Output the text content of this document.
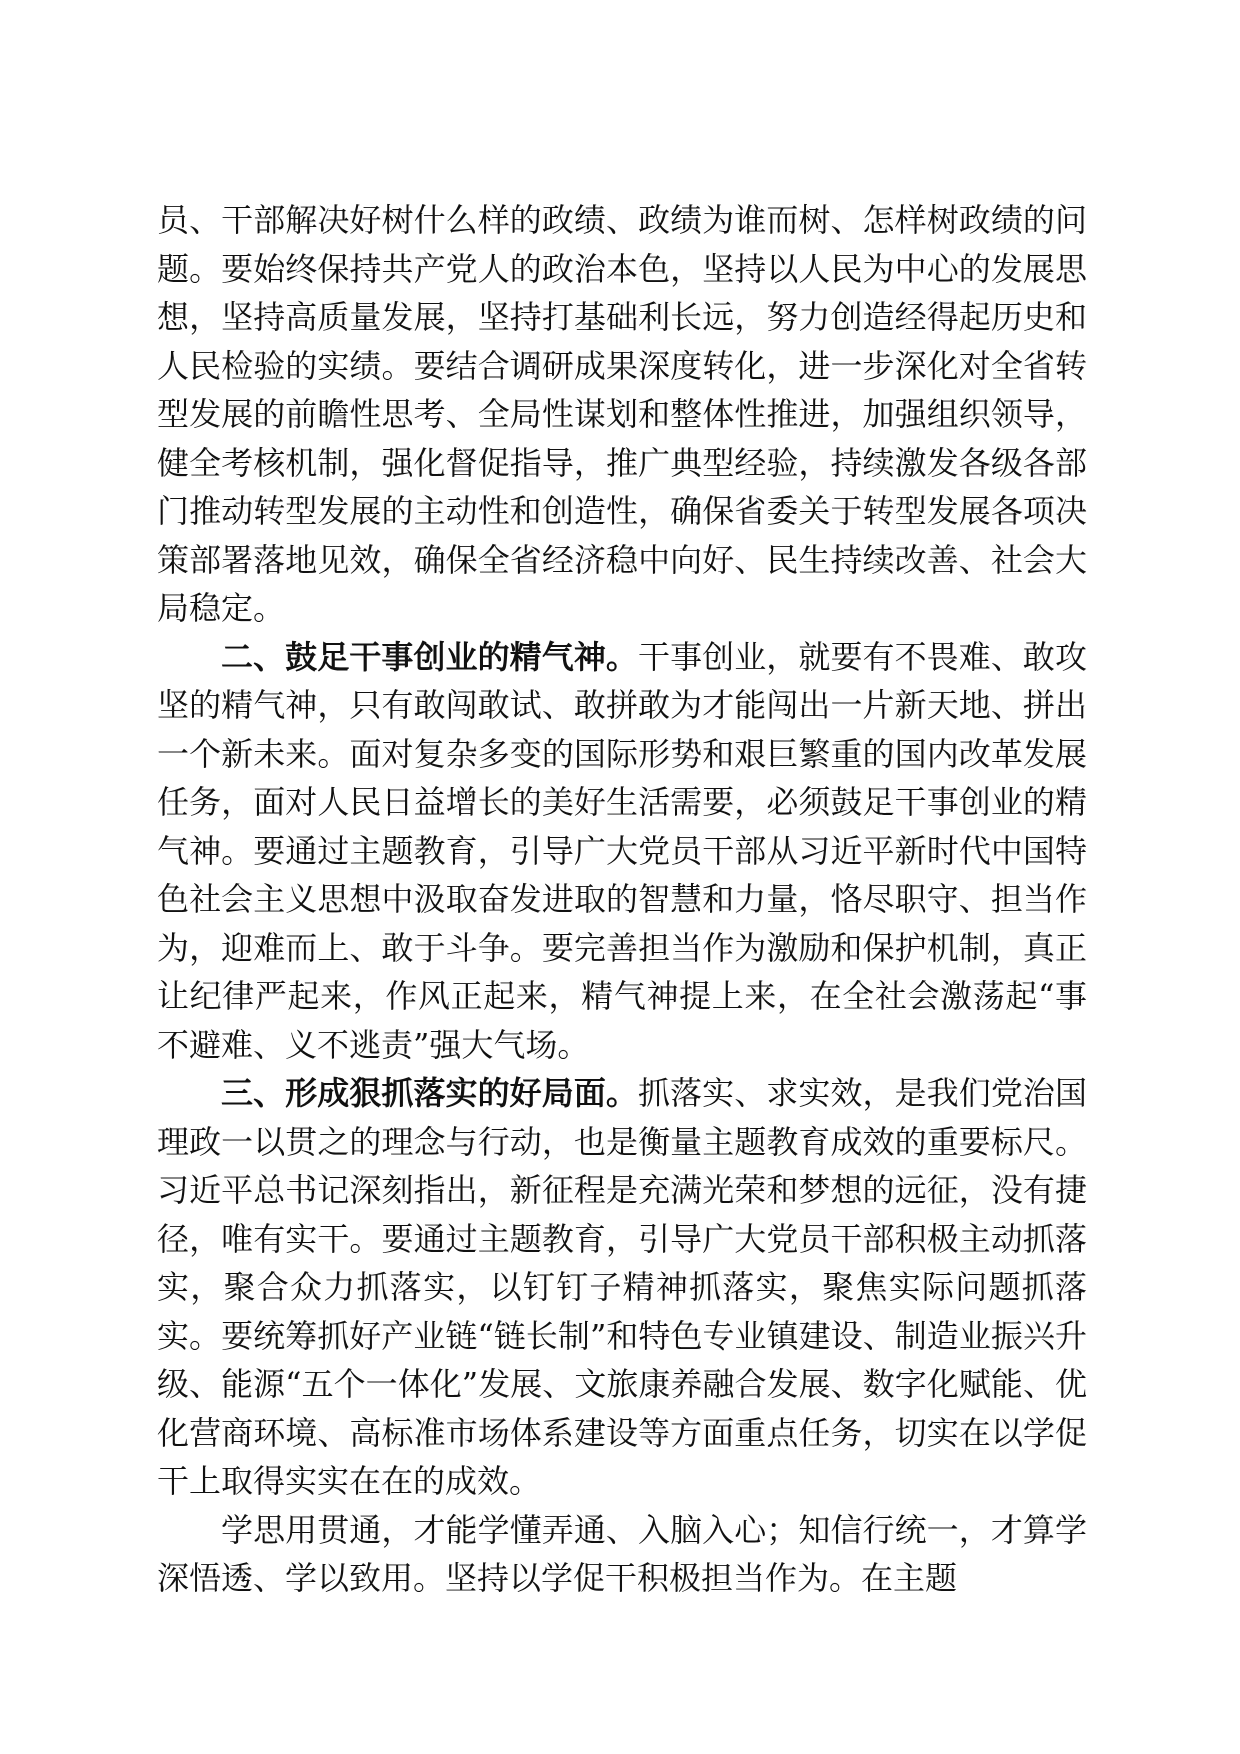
员、干部解决好树什么样的政绩、政绩为谁而树、怎样树政绩的问题。要始终保持共产党人的政治本色，坚持以人民为中心的发展思想，坚持高质量发展，坚持打基础利长远，努力创造经得起历史和人民检验的实绩。要结合调研成果深度转化，进一步深化对全省转型发展的前瞻性思考、全局性谋划和整体性推进，加强组织领导，健全考核机制，强化督促指导，推广典型经验，持续激发各级各部门推动转型发展的主动性和创造性，确保省委关于转型发展各项决策部署落地见效，确保全省经济稳中向好、民生持续改善、社会大局稳定。

二、鼓足干事创业的精气神。干事创业，就要有不畏难、敢攻坚的精气神，只有敢闯敢试、敢拼敢为才能闯出一片新天地、拼出一个新未来。面对复杂多变的国际形势和艰巨繁重的国内改革发展任务，面对人民日益增长的美好生活需要，必须鼓足干事创业的精气神。要通过主题教育，引导广大党员干部从习近平新时代中国特色社会主义思想中汲取奋发进取的智慧和力量，恪尽职守、担当作为，迎难而上、敢于斗争。要完善担当作为激励和保护机制，真正让纪律严起来，作风正起来，精气神提上来，在全社会激荡起“事不避难、义不逃责”强大气场。

三、形成狠抓落实的好局面。抓落实、求实效，是我们党治国理政一以贯之的理念与行动，也是衡量主题教育成效的重要标尺。习近平总书记深刻指出，新征程是充满光荣和梦想的远征，没有捷径，唯有实干。要通过主题教育，引导广大党员干部积极主动抓落实，聚合众力抓落实，以钉钉子精神抓落实，聚焦实际问题抓落实。要统筹抓好产业链“链长制”和特色专业镇建设、制造业振兴升级、能源“五个一体化”发展、文旅康养融合发展、数字化赋能、优化营商环境、高标准市场体系建设等方面重点任务，切实在以学促干上取得实实在在的成效。

学思用贯通，才能学懂弄通、入脑入心；知信行统一，才算学深悟透、学以致用。坚持以学促干积极担当作为。在主题
